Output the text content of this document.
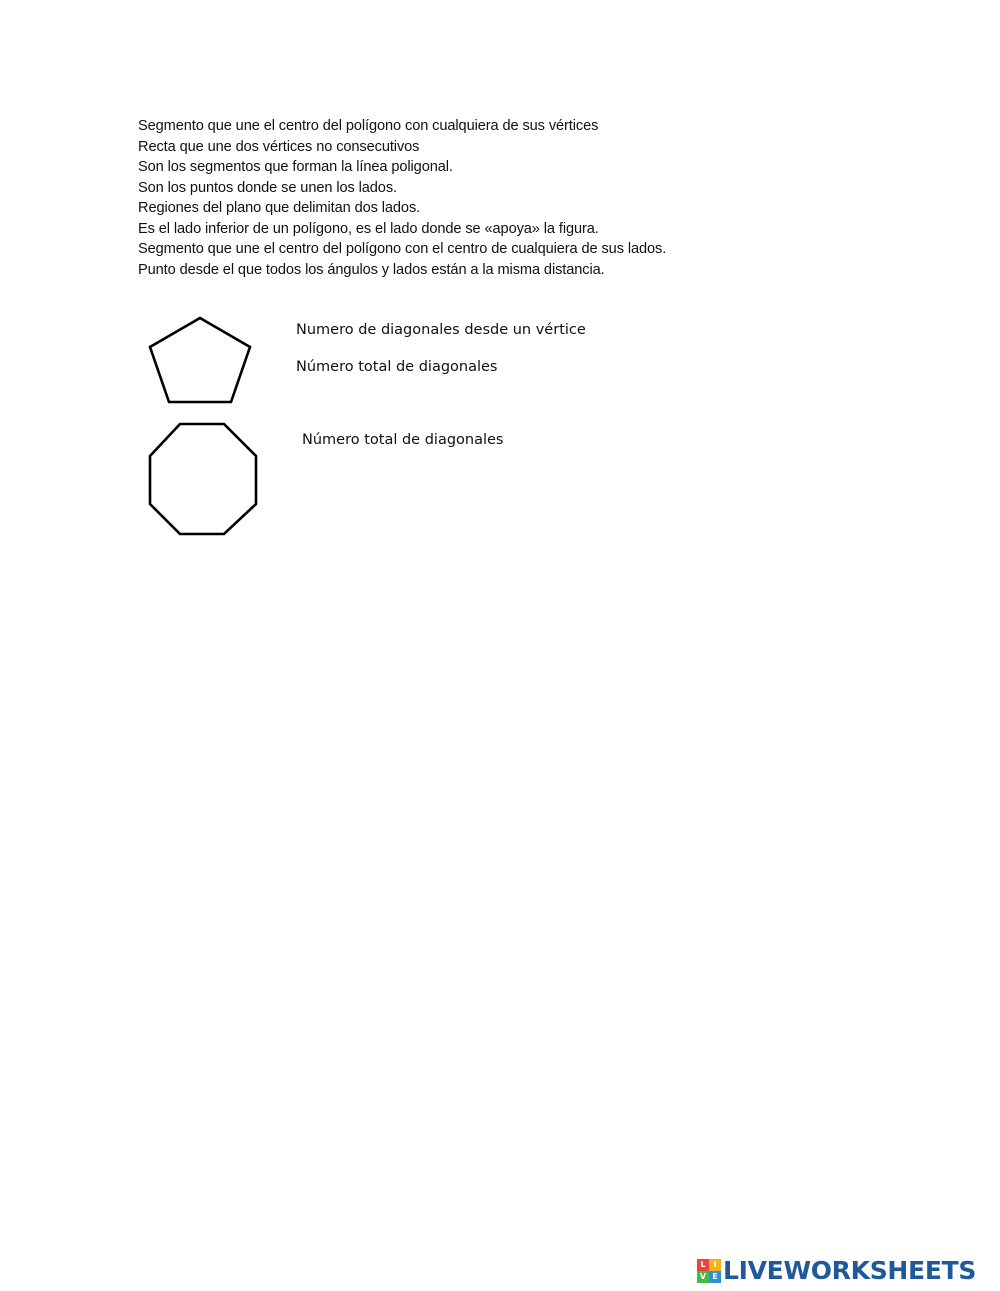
Segmento que une el centro del polígono con cualquiera de sus vértices
Recta que une dos vértices no consecutivos
Son los segmentos que forman la línea poligonal.
Son los puntos donde se unen los lados.
Regiones del plano que delimitan dos lados.
Es el lado inferior de un polígono, es el lado donde se «apoya» la figura.
Segmento que une el centro del polígono con el centro de cualquiera de sus lados.
Punto desde el que todos los ángulos y lados están a la misma distancia.
Numero de diagonales desde un vértice
Número total de diagonales
Número total de diagonales
L I
V E LIVEWORKSHEETS
